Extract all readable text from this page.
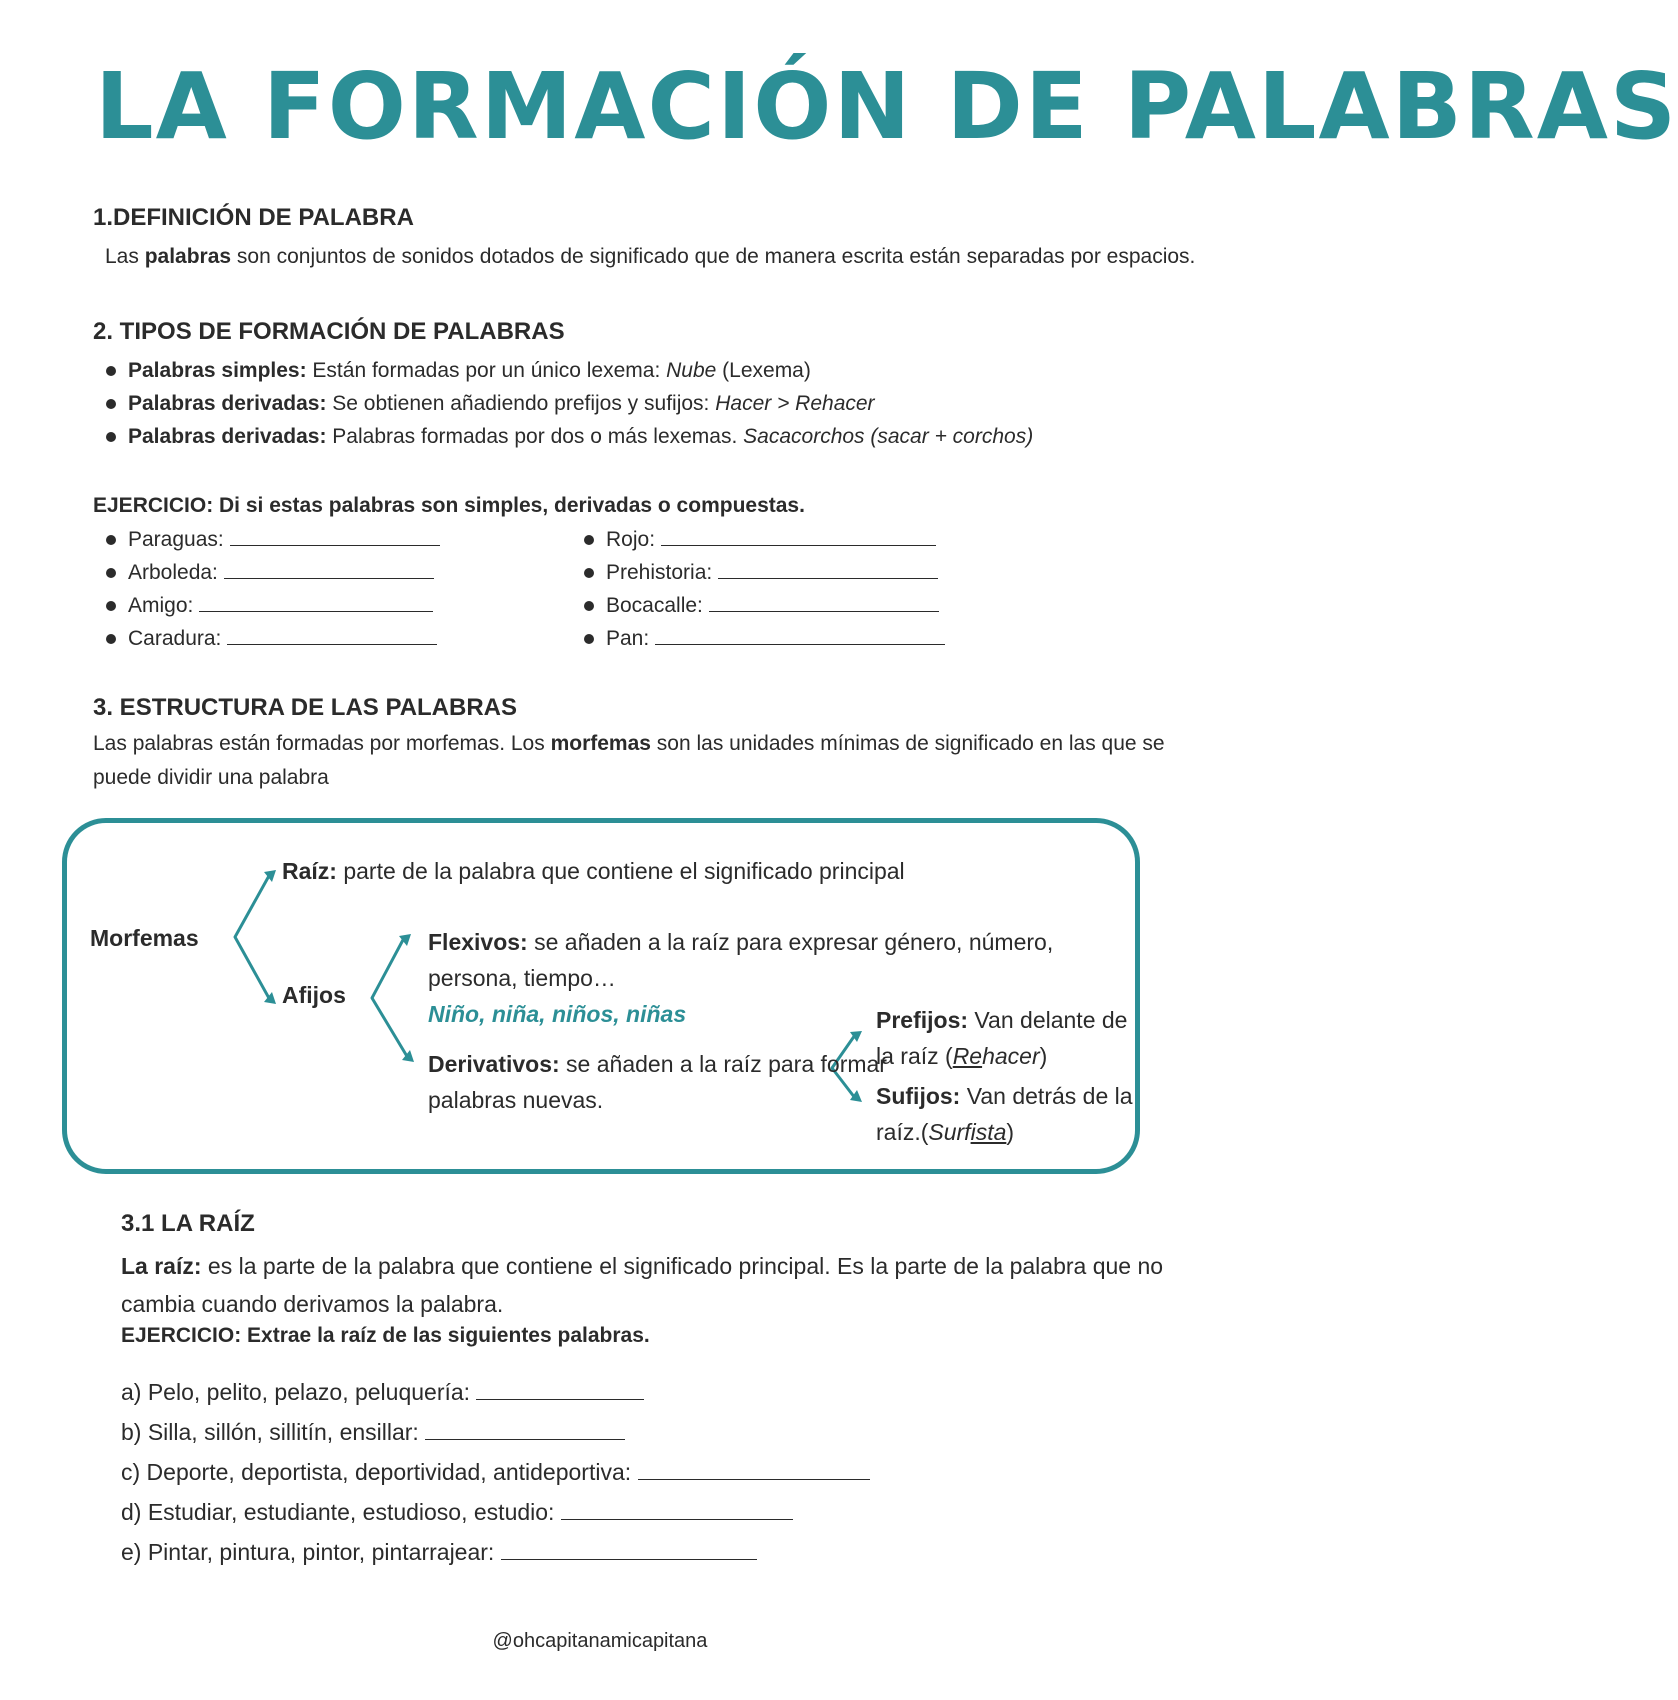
LA FORMACIÓN DE PALABRAS
1.DEFINICIÓN DE PALABRA
Las palabras son conjuntos de sonidos dotados de significado que de manera escrita están separadas por espacios.
2. TIPOS DE FORMACIÓN DE PALABRAS
Palabras simples: Están formadas por un único lexema: Nube (Lexema)
Palabras derivadas: Se obtienen añadiendo prefijos y sufijos: Hacer > Rehacer
Palabras derivadas: Palabras formadas por dos o más lexemas. Sacacorchos (sacar + corchos)
EJERCICIO: Di si estas palabras son simples, derivadas o compuestas.
Paraguas:
Arboleda:
Amigo:
Caradura:
Rojo:
Prehistoria:
Bocacalle:
Pan:
3. ESTRUCTURA DE LAS PALABRAS
Las palabras están formadas por morfemas. Los morfemas son las unidades mínimas de significado en las que se
puede dividir una palabra
Morfemas
Raíz: parte de la palabra que contiene el significado principal
Afijos
Flexivos: se añaden a la raíz para expresar género, número,
persona, tiempo…
Niño, niña, niños, niñas
Derivativos: se añaden a la raíz para formar
palabras nuevas.
Prefijos: Van delante de
la raíz (Rehacer)
Sufijos: Van detrás de la
raíz.(Surfista)
3.1 LA RAÍZ
La raíz: es la parte de la palabra que contiene el significado principal. Es la parte de la palabra que no
cambia cuando derivamos la palabra.
EJERCICIO: Extrae la raíz de las siguientes palabras.
a) Pelo, pelito, pelazo, peluquería:
b) Silla, sillón, sillitín, ensillar:
c) Deporte, deportista, deportividad, antideportiva:
d) Estudiar, estudiante, estudioso, estudio:
e) Pintar, pintura, pintor, pintarrajear:
@ohcapitanamicapitana
